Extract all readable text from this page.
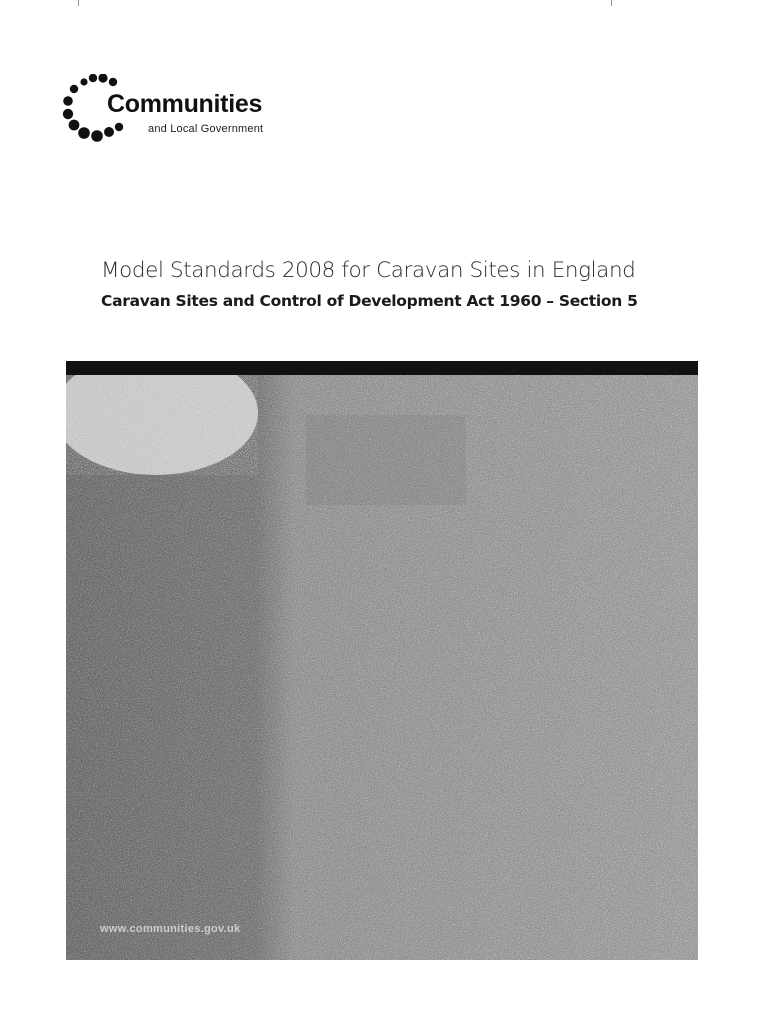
Communities
and Local Government
Model Standards 2008 for Caravan Sites in England
Caravan Sites and Control of Development Act 1960 – Section 5
www.communities.gov.uk
